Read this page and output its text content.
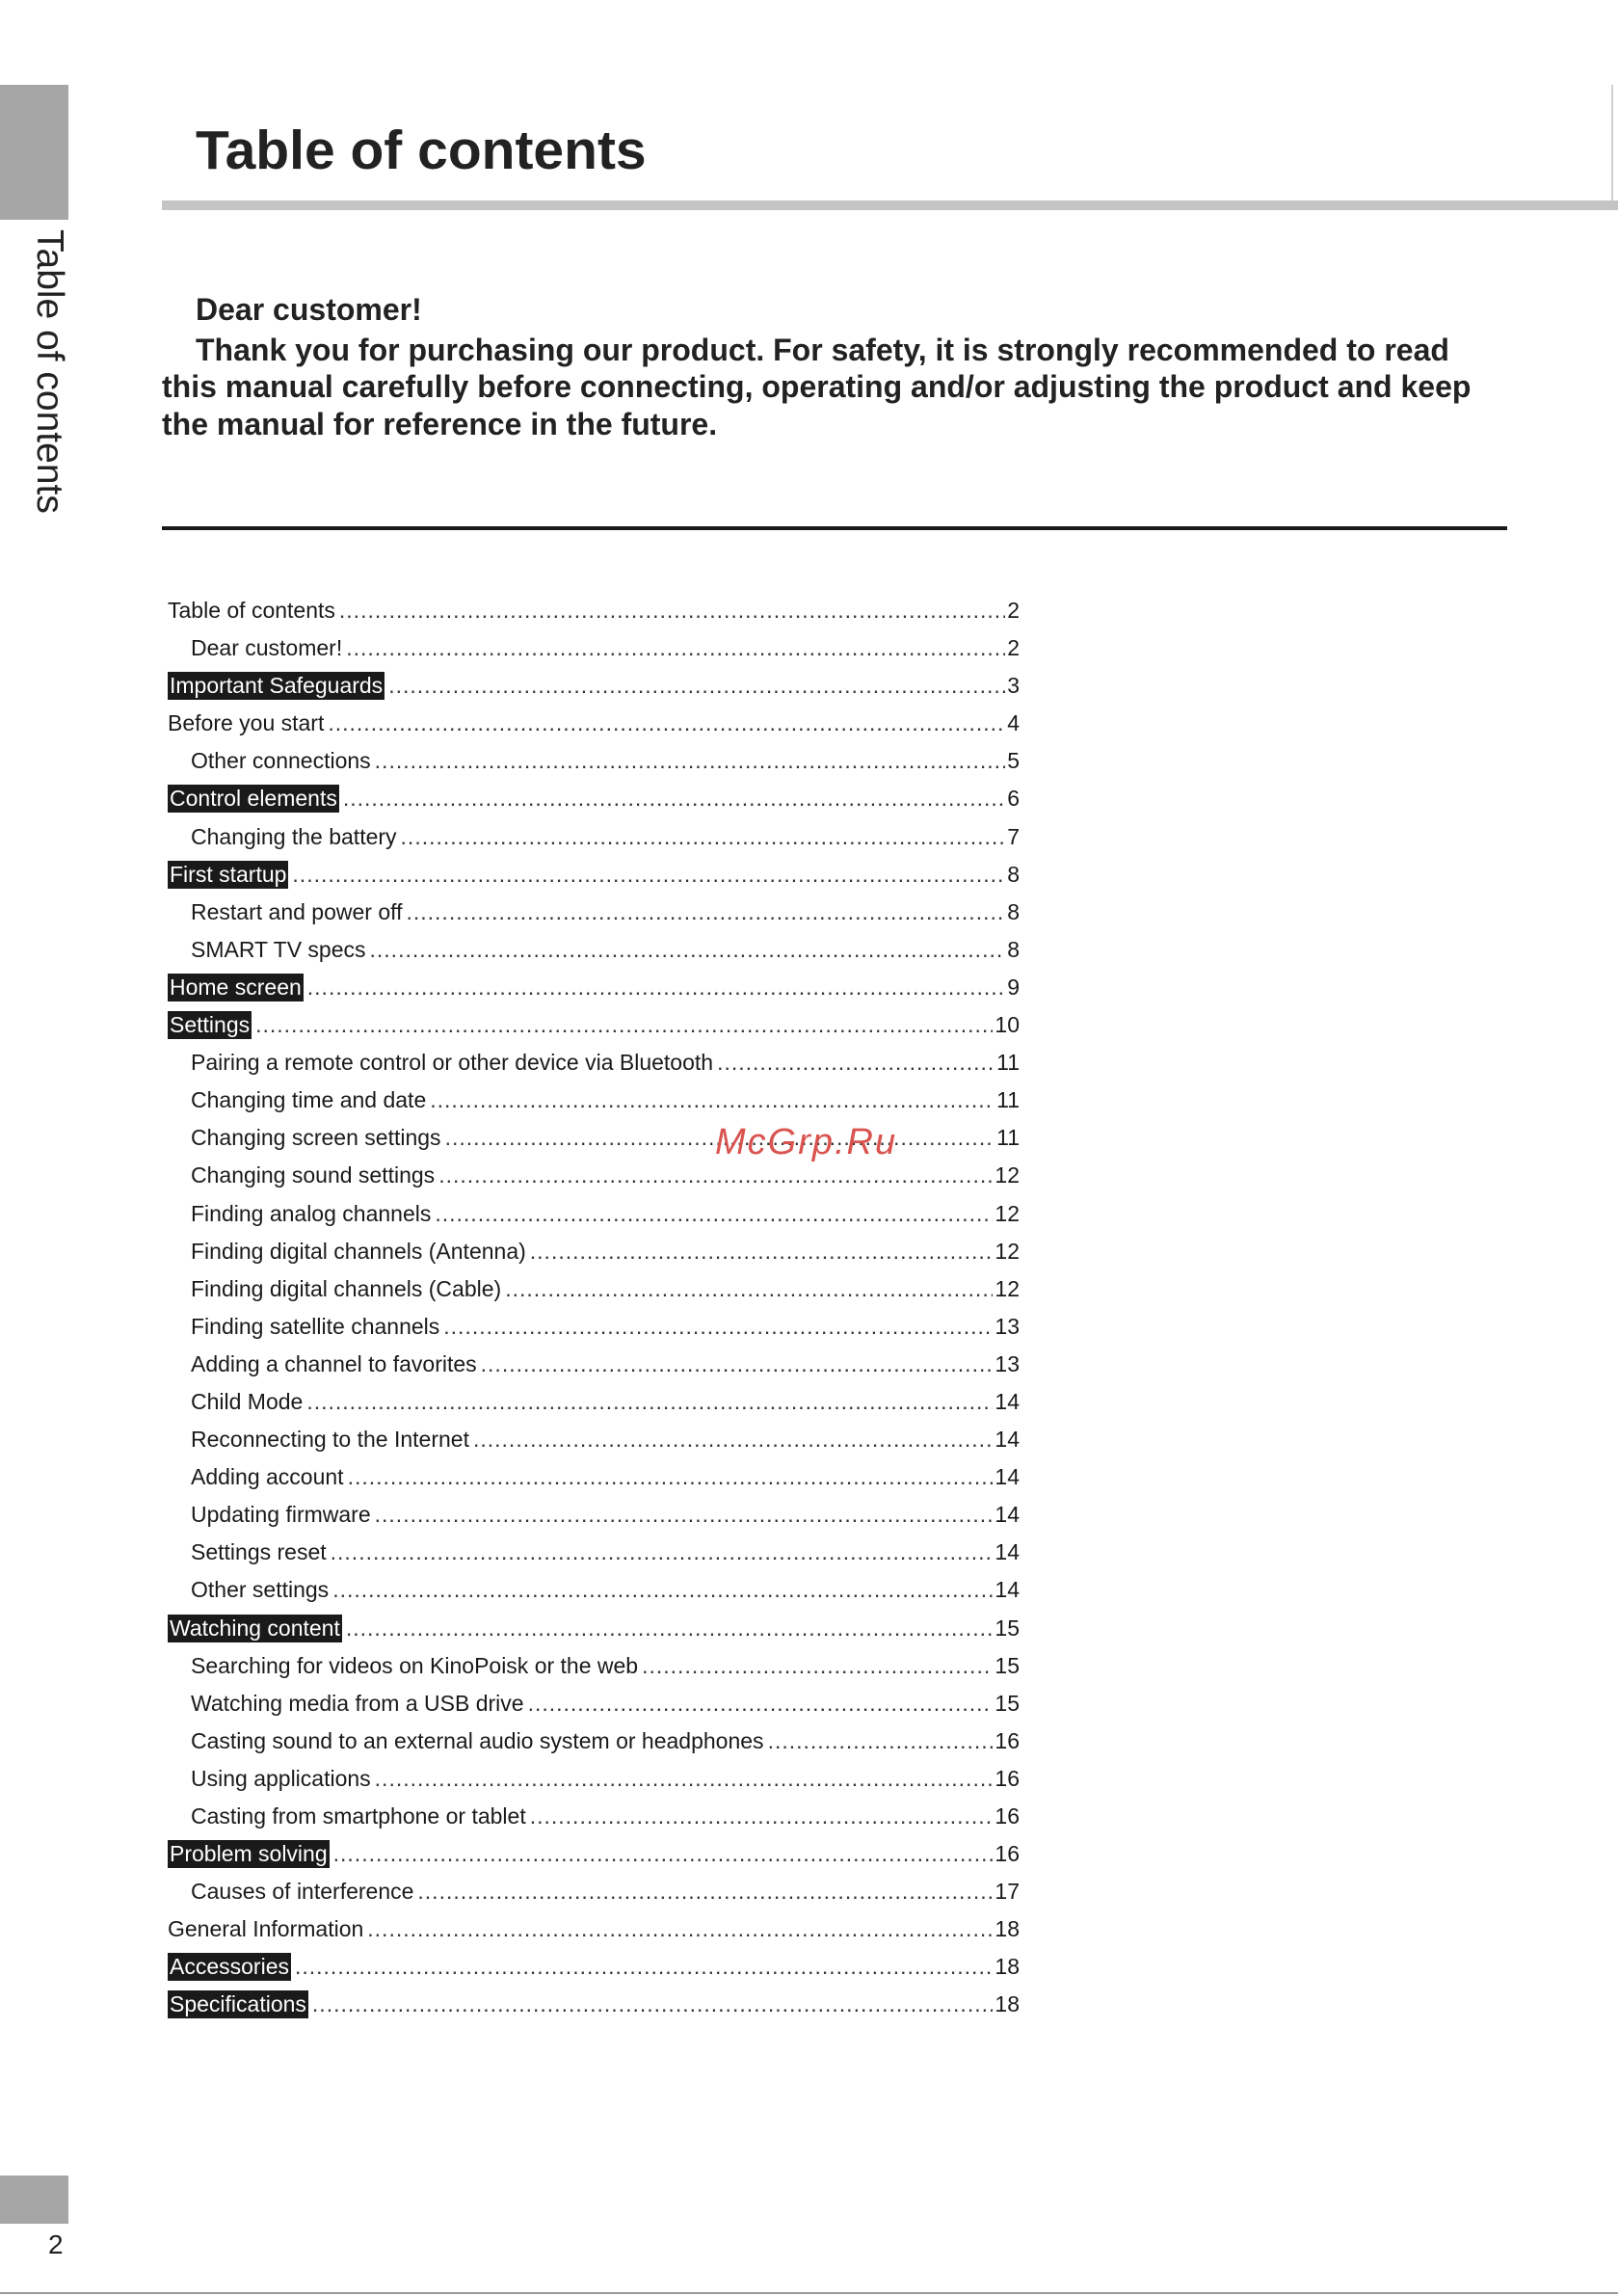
Table of contents
Table of contents

Dear customer!

Thank you for purchasing our product. For safety, it is strongly recommended to read this manual carefully before connecting, operating and/or adjusting the product and keep the manual for reference in the future.

Table of contents .....	2
Dear customer! .....	2
Important Safeguards .....	3
Before you start .....	4
Other connections .....	5
Control elements .....	6
Changing the battery .....	7
First startup .....	8
Restart and power off .....	8
SMART TV specs .....	8
Home screen .....	9
Settings .....	10
Pairing a remote control or other device via Bluetooth .....	11
Changing time and date .....	11
Changing screen settings .....	11
Changing sound settings .....	12
Finding analog channels .....	12
Finding digital channels (Antenna) .....	12
Finding digital channels (Cable) .....	12
Finding satellite channels .....	13
Adding a channel to favorites .....	13
Child Mode .....	14
Reconnecting to the Internet .....	14
Adding account .....	14
Updating firmware .....	14
Settings reset .....	14
Other settings .....	14
Watching content .....	15
Searching for videos on KinoPoisk or the web .....	15
Watching media from a USB drive .....	15
Casting sound to an external audio system or headphones .....	16
Using applications .....	16
Casting from smartphone or tablet .....	16
Problem solving .....	16
Causes of interference .....	17
General Information .....	18
Accessories .....	18
Specifications .....	18
McGrp.Ru
2
